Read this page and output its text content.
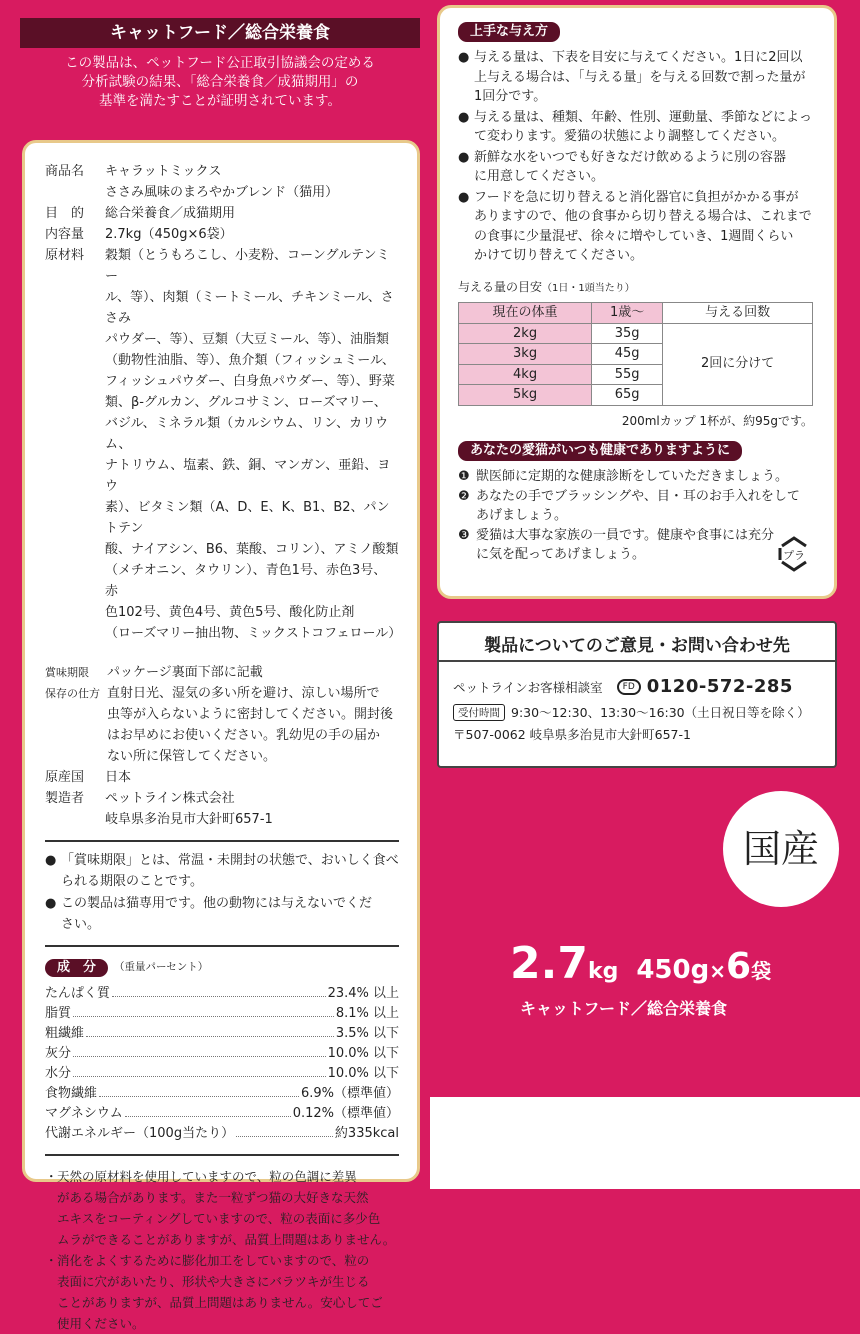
キャットフード／総合栄養食
この製品は、ペットフード公正取引協議会の定める
分析試験の結果、「総合栄養食／成猫期用」の
基準を満たすことが証明されています。
商品名	キャラットミックス
ささみ風味のまろやかブレンド（猫用）
目　的	総合栄養食／成猫期用
内容量	2.7kg（450g×6袋）
原材料	穀類（とうもろこし、小麦粉、コーングルテンミー
ル、等）、肉類（ミートミール、チキンミール、ささみ
パウダー、等）、豆類（大豆ミール、等）、油脂類
（動物性油脂、等）、魚介類（フィッシュミール、
フィッシュパウダー、白身魚パウダー、等）、野菜
類、β-グルカン、グルコサミン、ローズマリー、
バジル、ミネラル類（カルシウム、リン、カリウム、
ナトリウム、塩素、鉄、銅、マンガン、亜鉛、ヨウ
素）、ビタミン類（A、D、E、K、B1、B2、パントテン
酸、ナイアシン、B6、葉酸、コリン）、アミノ酸類
（メチオニン、タウリン）、青色1号、赤色3号、赤
色102号、黄色4号、黄色5号、酸化防止剤
（ローズマリー抽出物、ミックストコフェロール）
賞味期限	パッケージ裏面下部に記載
保存の仕方 直射日光、湿気の多い所を避け、涼しい場所で
虫等が入らないように密封してください。開封後
はお早めにお使いください。乳幼児の手の届か
ない所に保管してください。
原産国	日本
製造者	ペットライン株式会社
岐阜県多治見市大針町657-1
● 「賞味期限」とは、常温・未開封の状態で、おいしく食べ
られる期限のことです。
● この製品は猫専用です。他の動物には与えないでくだ
さい。
成　分	（重量パーセント）
たんぱく質	23.4% 以上
脂質	8.1% 以上
粗繊維	3.5% 以下
灰分	10.0% 以下
水分	10.0% 以下
食物繊維	6.9%（標準値）
マグネシウム	0.12%（標準値）
代謝エネルギー（100g当たり）	約335kcal
・ 天然の原材料を使用していますので、粒の色調に差異
がある場合があります。また一粒ずつ猫の大好きな天然
エキスをコーティングしていますので、粒の表面に多少色
ムラができることがありますが、品質上問題はありません。
・ 消化をよくするために膨化加工をしていますので、粒の
表面に穴があいたり、形状や大きさにバラツキが生じる
ことがありますが、品質上問題はありません。安心してご
使用ください。
上手な与え方
● 与える量は、下表を目安に与えてください。1日に2回以
上与える場合は、「与える量」を与える回数で割った量が
1回分です。
● 与える量は、種類、年齢、性別、運動量、季節などによっ
て変わります。愛猫の状態により調整してください。
● 新鮮な水をいつでも好きなだけ飲めるように別の容器
に用意してください。
● フードを急に切り替えると消化器官に負担がかかる事が
ありますので、他の食事から切り替える場合は、これまで
の食事に少量混ぜ、徐々に増やしていき、1週間くらい
かけて切り替えてください。
与える量の目安（1日・1頭当たり）
現在の体重	1歳～	与える回数
2kg	35g	2回に分けて
3kg	45g	
4kg	55g	
5kg	65g	
200mlカップ 1杯が、約95gです。
あなたの愛猫がいつも健康でありますように
❶ 獣医師に定期的な健康診断をしていただきましょう。
❷ あなたの手でブラッシングや、目・耳のお手入れをして
あげましょう。
❸ 愛猫は大事な家族の一員です。健康や食事には充分
に気を配ってあげましょう。	プラ
製品についてのご意見・お問い合わせ先
ペットラインお客様相談室	FD 0120-572-285
受付時間 9:30～12:30、13:30～16:30（土日祝日等を除く）
〒507-0062 岐阜県多治見市大針町657-1
国産
2.7kg 450g×6袋
キャットフード／総合栄養食
